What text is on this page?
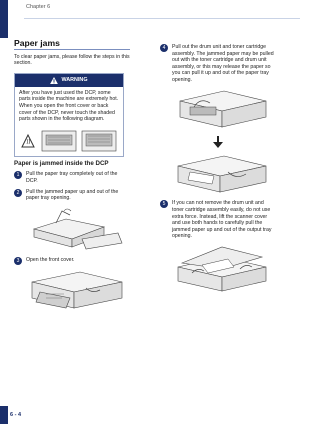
Chapter 6
Paper jams

To clear paper jams, please follow the steps in this section.

WARNING

After you have just used the DCP, some parts inside the machine are extremely hot. When you open the front cover or back cover of the DCP, never touch the shaded parts shown in the following diagram.

Paper is jammed inside the DCP
1	Pull the paper tray completely out of the DCP.

2	Pull the jammed paper up and out of the paper tray opening.

3	Open the front cover.

4	Pull out the drum unit and toner cartridge assembly. The jammed paper may be pulled out with the toner cartridge and drum unit assembly, or this may release the paper so you can pull it up and out of the paper tray opening.

5	If you can not remove the drum unit and toner cartridge assembly easily, do not use extra force. Instead, lift the scanner cover and use both hands to carefully pull the jammed paper up and out of the output tray opening.

6 - 4
